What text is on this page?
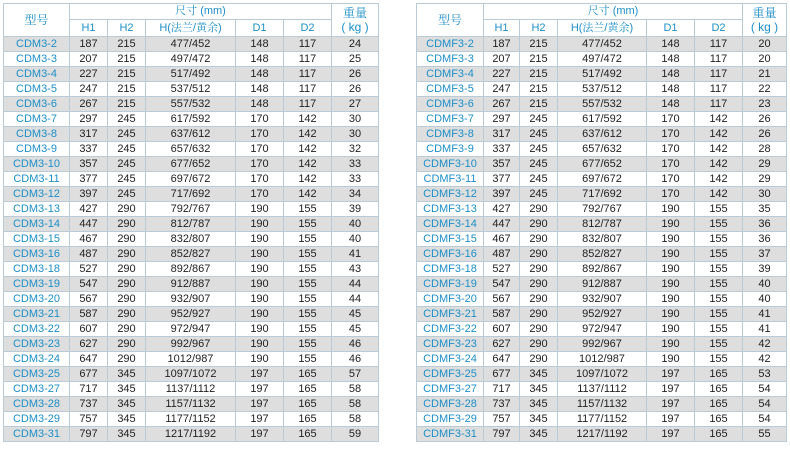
型号	尺寸 (mm)					重量
( kg )
	H1	H2	H(法兰/黄余)	D1	D2	
CDM3-2	187	215	477/452	148	117	24
CDM3-3	207	215	497/472	148	117	25
CDM3-4	227	215	517/492	148	117	26
CDM3-5	247	215	537/512	148	117	26
CDM3-6	267	215	557/532	148	117	27
CDM3-7	297	245	617/592	170	142	30
CDM3-8	317	245	637/612	170	142	30
CDM3-9	337	245	657/632	170	142	32
CDM3-10	357	245	677/652	170	142	33
CDM3-11	377	245	697/672	170	142	33
CDM3-12	397	245	717/692	170	142	34
CDM3-13	427	290	792/767	190	155	39
CDM3-14	447	290	812/787	190	155	40
CDM3-15	467	290	832/807	190	155	40
CDM3-16	487	290	852/827	190	155	41
CDM3-18	527	290	892/867	190	155	43
CDM3-19	547	290	912/887	190	155	44
CDM3-20	567	290	932/907	190	155	44
CDM3-21	587	290	952/927	190	155	45
CDM3-22	607	290	972/947	190	155	45
CDM3-23	627	290	992/967	190	155	46
CDM3-24	647	290	1012/987	190	155	46
CDM3-25	677	345	1097/1072	197	165	57
CDM3-27	717	345	1137/1112	197	165	58
CDM3-28	737	345	1157/1132	197	165	58
CDM3-29	757	345	1177/1152	197	165	58
CDM3-31	797	345	1217/1192	197	165	59
型号	尺寸 (mm)					重量
( kg )
	H1	H2	H(法兰/黄余)	D1	D2	
CDMF3-2	187	215	477/452	148	117	20
CDMF3-3	207	215	497/472	148	117	20
CDMF3-4	227	215	517/492	148	117	21
CDMF3-5	247	215	537/512	148	117	22
CDMF3-6	267	215	557/532	148	117	23
CDMF3-7	297	245	617/592	170	142	26
CDMF3-8	317	245	637/612	170	142	26
CDMF3-9	337	245	657/632	170	142	28
CDMF3-10	357	245	677/652	170	142	29
CDMF3-11	377	245	697/672	170	142	29
CDMF3-12	397	245	717/692	170	142	30
CDMF3-13	427	290	792/767	190	155	35
CDMF3-14	447	290	812/787	190	155	36
CDMF3-15	467	290	832/807	190	155	36
CDMF3-16	487	290	852/827	190	155	37
CDMF3-18	527	290	892/867	190	155	39
CDMF3-19	547	290	912/887	190	155	40
CDMF3-20	567	290	932/907	190	155	40
CDMF3-21	587	290	952/927	190	155	41
CDMF3-22	607	290	972/947	190	155	41
CDMF3-23	627	290	992/967	190	155	42
CDMF3-24	647	290	1012/987	190	155	42
CDMF3-25	677	345	1097/1072	197	165	53
CDMF3-27	717	345	1137/1112	197	165	54
CDMF3-28	737	345	1157/1132	197	165	54
CDMF3-29	757	345	1177/1152	197	165	54
CDMF3-31	797	345	1217/1192	197	165	55
